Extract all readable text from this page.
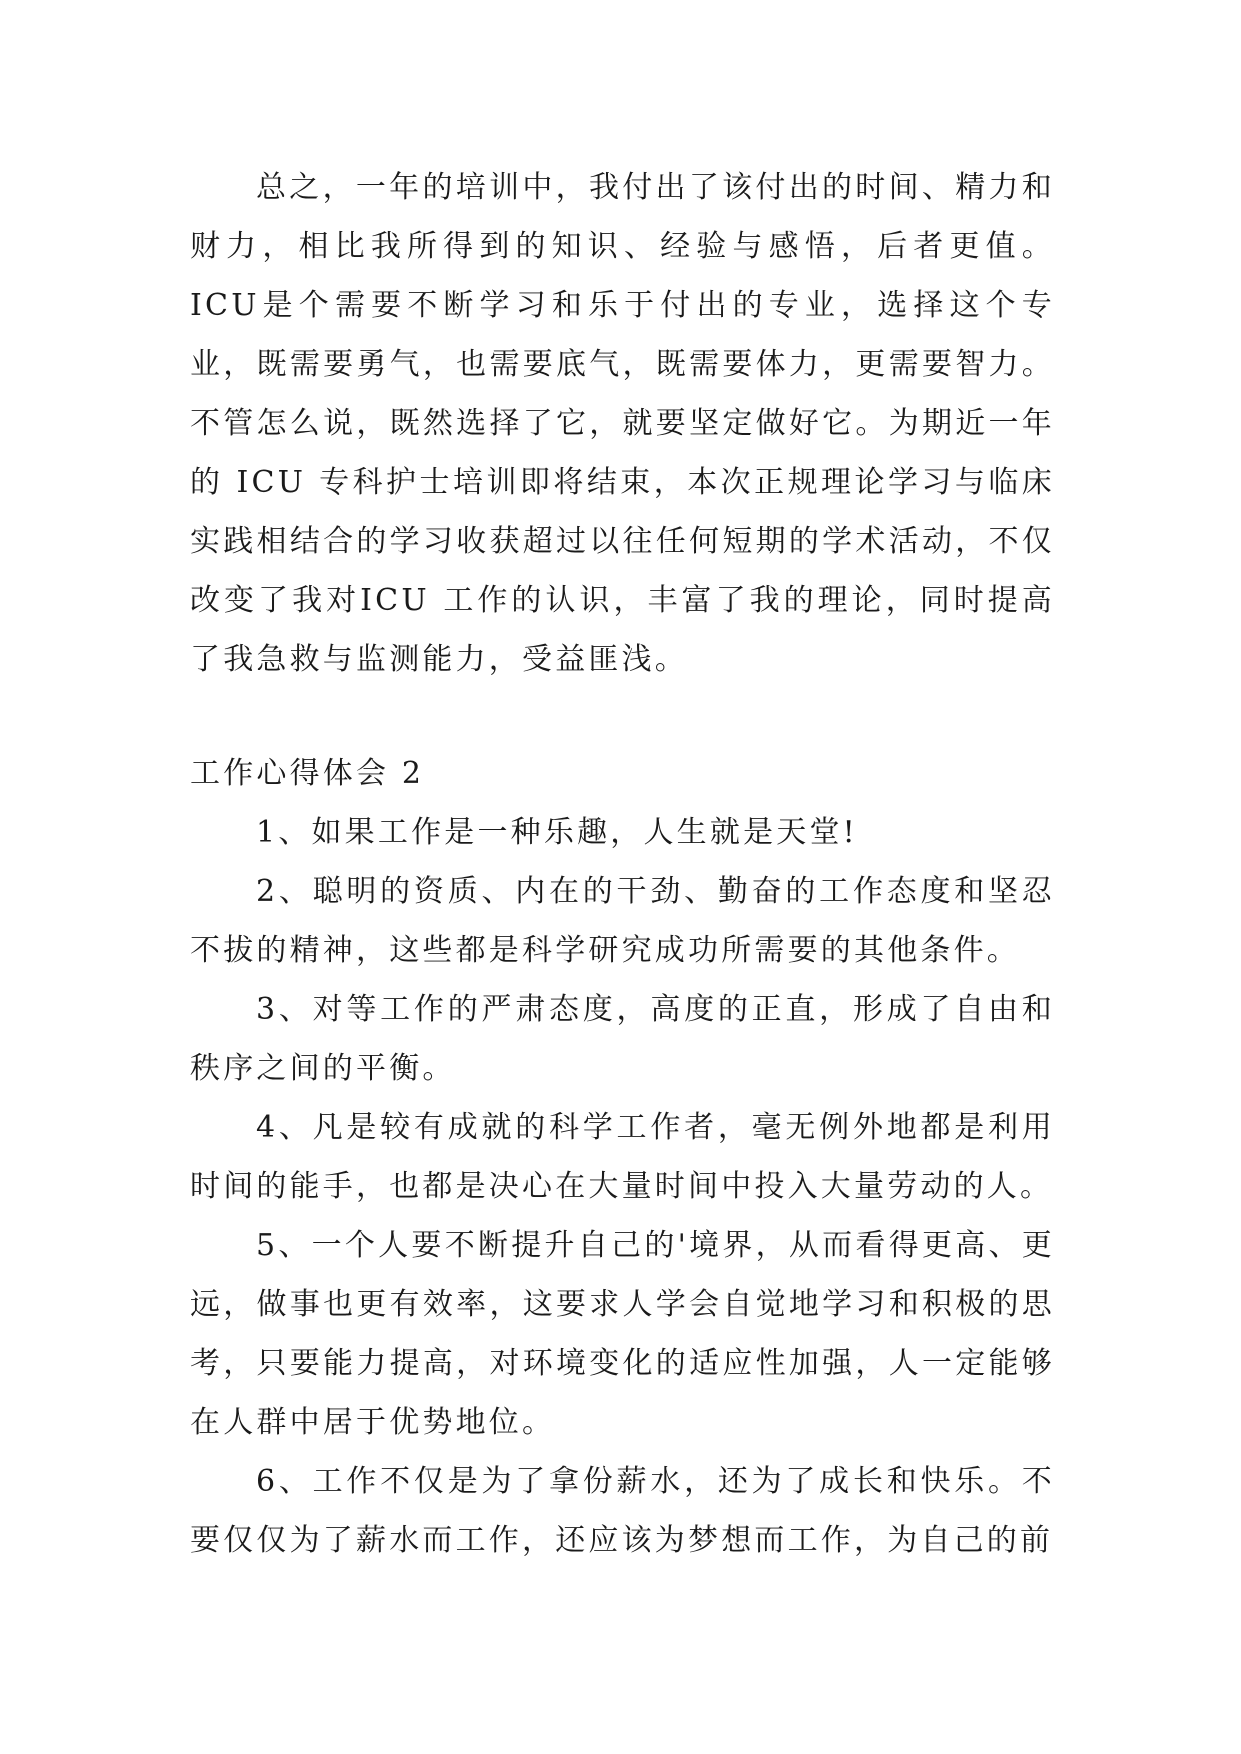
总之，一年的培训中，我付出了该付出的时间、精力和财力，相比我所得到的知识、经验与感悟，后者更值。ICU是个需要不断学习和乐于付出的专业，选择这个专业，既需要勇气，也需要底气，既需要体力，更需要智力。不管怎么说，既然选择了它，就要坚定做好它。为期近一年的 ICU 专科护士培训即将结束，本次正规理论学习与临床实践相结合的学习收获超过以往任何短期的学术活动，不仅改变了我对ICU 工作的认识，丰富了我的理论，同时提高了我急救与监测能力，受益匪浅。

工作心得体会 2

1、如果工作是一种乐趣，人生就是天堂!

2、聪明的资质、内在的干劲、勤奋的工作态度和坚忍不拔的精神，这些都是科学研究成功所需要的其他条件。

3、对等工作的严肃态度，高度的正直，形成了自由和秩序之间的平衡。

4、凡是较有成就的科学工作者，毫无例外地都是利用时间的能手，也都是决心在大量时间中投入大量劳动的人。

5、一个人要不断提升自己的'境界，从而看得更高、更远，做事也更有效率，这要求人学会自觉地学习和积极的思考，只要能力提高，对环境变化的适应性加强，人一定能够在人群中居于优势地位。

6、工作不仅是为了拿份薪水，还为了成长和快乐。不要仅仅为了薪水而工作，还应该为梦想而工作，为自己的前
